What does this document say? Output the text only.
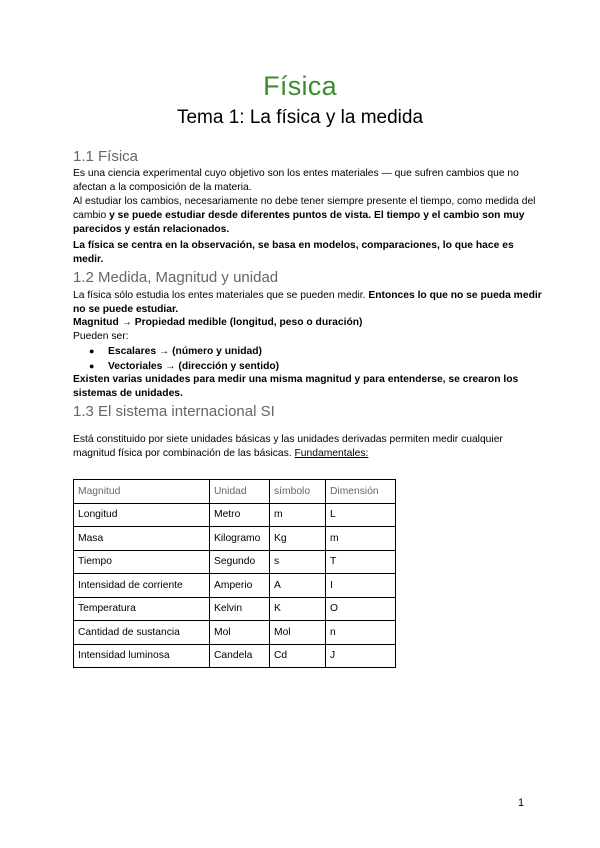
Física
Tema 1: La física y la medida
1.1 Física

Es una ciencia experimental cuyo objetivo son los entes materiales — que sufren cambios que no afectan a la composición de la materia.

Al estudiar los cambios, necesariamente no debe tener siempre presente el tiempo, como medida del cambio y se puede estudiar desde diferentes puntos de vista. El tiempo y el cambio son muy parecidos y están relacionados.

La física se centra en la observación, se basa en modelos, comparaciones, lo que hace es medir.

1.2 Medida, Magnitud y unidad

La física sólo estudia los entes materiales que se pueden medir. Entonces lo que no se pueda medir no se puede estudiar.

Magnitud → Propiedad medible (longitud, peso o duración)

Pueden ser:

● Escalares → (número y unidad)
● Vectoriales → (dirección y sentido)

Existen varias unidades para medir una misma magnitud y para entenderse, se crearon los sistemas de unidades.

1.3 El sistema internacional SI

Está constituido por siete unidades básicas y las unidades derivadas permiten medir cualquier magnitud física por combinación de las básicas. Fundamentales:

Magnitud	Unidad	símbolo	Dimensión
Longitud	Metro	m	L
Masa	Kilogramo	Kg	m
Tiempo	Segundo	s	T
Intensidad de corriente	Amperio	A	I
Temperatura	Kelvin	K	O
Cantidad de sustancia	Mol	Mol	n
Intensidad luminosa	Candela	Cd	J
1
